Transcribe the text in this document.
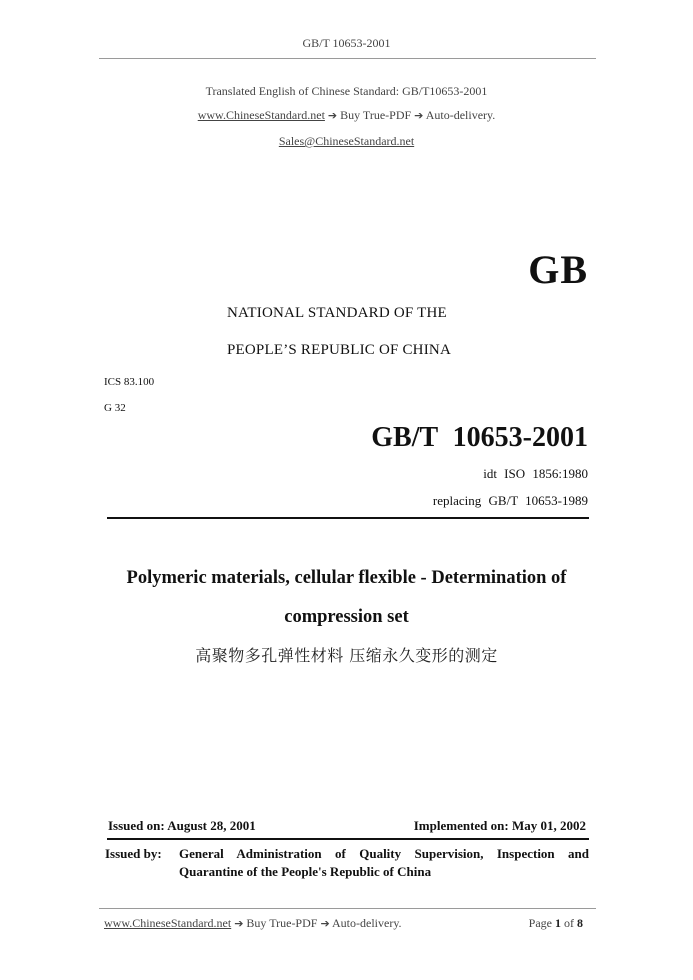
GB/T 10653-2001
Translated English of Chinese Standard: GB/T10653-2001
www.ChineseStandard.net ➔ Buy True-PDF ➔ Auto-delivery.
Sales@ChineseStandard.net
GB
NATIONAL STANDARD OF THE
PEOPLE’S REPUBLIC OF CHINA
ICS 83.100
G 32
GB/T 10653-2001
idt ISO 1856:1980
replacing GB/T 10653-1989
Polymeric materials, cellular flexible - Determination of
compression set
高聚物多孔弹性材料 压缩永久变形的测定
Issued on: August 28, 2001	Implemented on: May 01, 2002
Issued by:	General Administration of Quality Supervision, Inspection and
Quarantine of the People's Republic of China
www.ChineseStandard.net ➔ Buy True-PDF ➔ Auto-delivery.	Page 1 of 8
